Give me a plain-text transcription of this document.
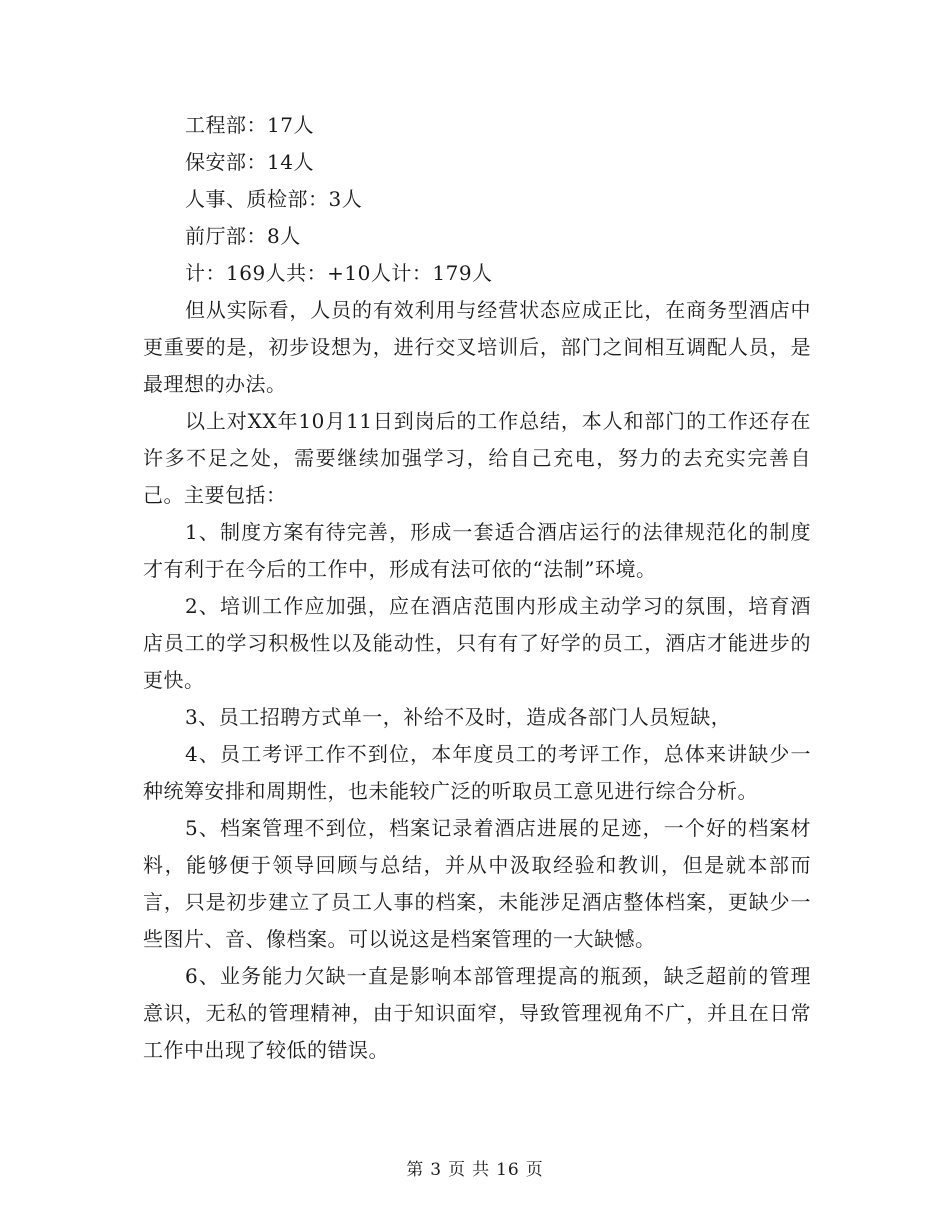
工程部：17人

保安部：14人

人事、质检部：3人

前厅部：8人

计：169人共：+10人计：179人

但从实际看，人员的有效利用与经营状态应成正比，在商务型酒店中更重要的是，初步设想为，进行交叉培训后，部门之间相互调配人员，是最理想的办法。

以上对XX年10月11日到岗后的工作总结，本人和部门的工作还存在许多不足之处，需要继续加强学习，给自己充电，努力的去充实完善自己。主要包括：

1、制度方案有待完善，形成一套适合酒店运行的法律规范化的制度才有利于在今后的工作中，形成有法可依的“法制”环境。

2、培训工作应加强，应在酒店范围内形成主动学习的氛围，培育酒店员工的学习积极性以及能动性，只有有了好学的员工，酒店才能进步的更快。

3、员工招聘方式单一，补给不及时，造成各部门人员短缺，

4、员工考评工作不到位，本年度员工的考评工作，总体来讲缺少一种统筹安排和周期性，也未能较广泛的听取员工意见进行综合分析。

5、档案管理不到位，档案记录着酒店进展的足迹，一个好的档案材料，能够便于领导回顾与总结，并从中汲取经验和教训，但是就本部而言，只是初步建立了员工人事的档案，未能涉足酒店整体档案，更缺少一些图片、音、像档案。可以说这是档案管理的一大缺憾。

6、业务能力欠缺一直是影响本部管理提高的瓶颈，缺乏超前的管理意识，无私的管理精神，由于知识面窄，导致管理视角不广，并且在日常工作中出现了较低的错误。

第 3 页 共 16 页
